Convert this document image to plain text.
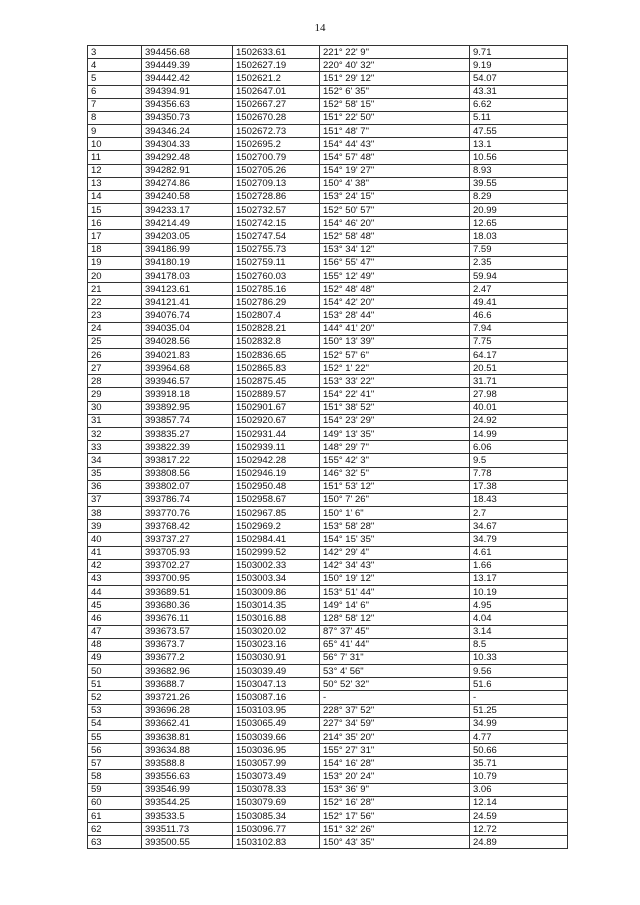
14
3	394456.68	1502633.61	221° 22' 9"	9.71
4	394449.39	1502627.19	220° 40' 32"	9.19
5	394442.42	1502621.2	151° 29' 12"	54.07
6	394394.91	1502647.01	152° 6' 35"	43.31
7	394356.63	1502667.27	152° 58' 15"	6.62
8	394350.73	1502670.28	151° 22' 50"	5.11
9	394346.24	1502672.73	151° 48' 7"	47.55
10	394304.33	1502695.2	154° 44' 43"	13.1
11	394292.48	1502700.79	154° 57' 48"	10.56
12	394282.91	1502705.26	154° 19' 27"	8.93
13	394274.86	1502709.13	150° 4' 38"	39.55
14	394240.58	1502728.86	153° 24' 15"	8.29
15	394233.17	1502732.57	152° 50' 57"	20.99
16	394214.49	1502742.15	154° 46' 20"	12.65
17	394203.05	1502747.54	152° 58' 48"	18.03
18	394186.99	1502755.73	153° 34' 12"	7.59
19	394180.19	1502759.11	156° 55' 47"	2.35
20	394178.03	1502760.03	155° 12' 49"	59.94
21	394123.61	1502785.16	152° 48' 48"	2.47
22	394121.41	1502786.29	154° 42' 20"	49.41
23	394076.74	1502807.4	153° 28' 44"	46.6
24	394035.04	1502828.21	144° 41' 20"	7.94
25	394028.56	1502832.8	150° 13' 39"	7.75
26	394021.83	1502836.65	152° 57' 6"	64.17
27	393964.68	1502865.83	152° 1' 22"	20.51
28	393946.57	1502875.45	153° 33' 22"	31.71
29	393918.18	1502889.57	154° 22' 41"	27.98
30	393892.95	1502901.67	151° 38' 52"	40.01
31	393857.74	1502920.67	154° 23' 29"	24.92
32	393835.27	1502931.44	149° 13' 35"	14.99
33	393822.39	1502939.11	148° 29' 7"	6.06
34	393817.22	1502942.28	155° 42' 3"	9.5
35	393808.56	1502946.19	146° 32' 5"	7.78
36	393802.07	1502950.48	151° 53' 12"	17.38
37	393786.74	1502958.67	150° 7' 26"	18.43
38	393770.76	1502967.85	150° 1' 6"	2.7
39	393768.42	1502969.2	153° 58' 28"	34.67
40	393737.27	1502984.41	154° 15' 35"	34.79
41	393705.93	1502999.52	142° 29' 4"	4.61
42	393702.27	1503002.33	142° 34' 43"	1.66
43	393700.95	1503003.34	150° 19' 12"	13.17
44	393689.51	1503009.86	153° 51' 44"	10.19
45	393680.36	1503014.35	149° 14' 6"	4.95
46	393676.11	1503016.88	128° 58' 12"	4.04
47	393673.57	1503020.02	87° 37' 45"	3.14
48	393673.7	1503023.16	65° 41' 44"	8.5
49	393677.2	1503030.91	56° 7' 31"	10.33
50	393682.96	1503039.49	53° 4' 56"	9.56
51	393688.7	1503047.13	50° 52' 32"	51.6
52	393721.26	1503087.16	-	-
53	393696.28	1503103.95	228° 37' 52"	51.25
54	393662.41	1503065.49	227° 34' 59"	34.99
55	393638.81	1503039.66	214° 35' 20"	4.77
56	393634.88	1503036.95	155° 27' 31"	50.66
57	393588.8	1503057.99	154° 16' 28"	35.71
58	393556.63	1503073.49	153° 20' 24"	10.79
59	393546.99	1503078.33	153° 36' 9"	3.06
60	393544.25	1503079.69	152° 16' 28"	12.14
61	393533.5	1503085.34	152° 17' 56"	24.59
62	393511.73	1503096.77	151° 32' 26"	12.72
63	393500.55	1503102.83	150° 43' 35"	24.89
